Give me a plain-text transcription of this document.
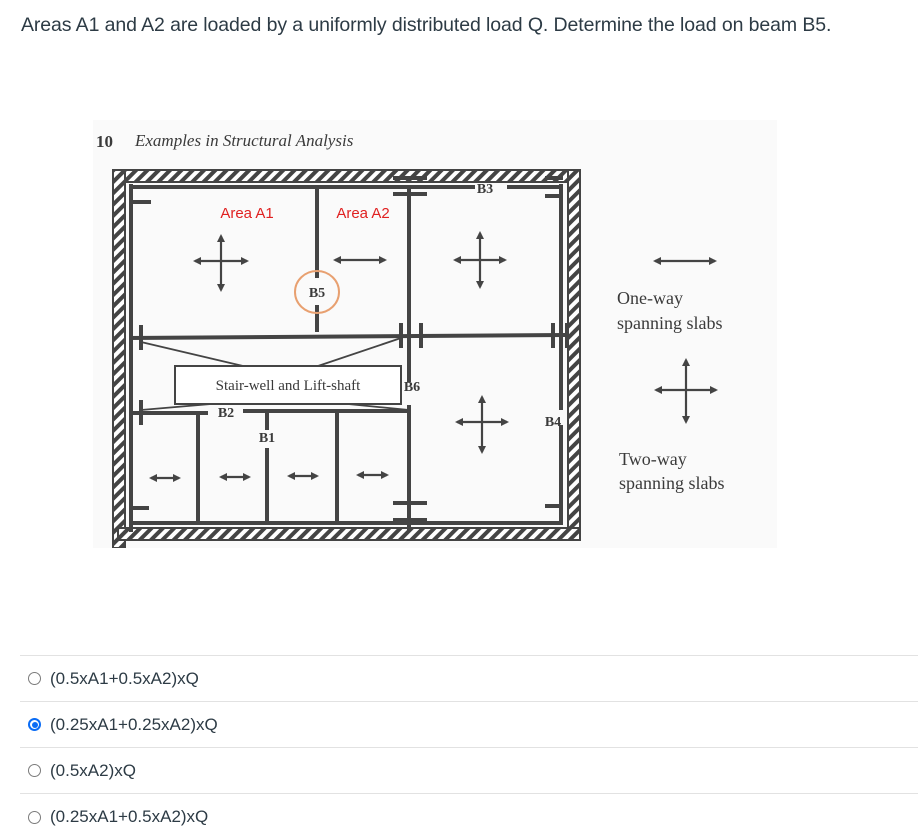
Areas A1 and A2 are loaded by a uniformly distributed load Q. Determine the load on beam B5.
10 Examples in Structural Analysis
Stair-well and Lift-shaft
Area A1	Area A2
B3
B5
B6
B2
B1
B4
One-way
spanning slabs
Two-way
spanning slabs
(0.5xA1+0.5xA2)xQ
(0.25xA1+0.25xA2)xQ
(0.5xA2)xQ
(0.25xA1+0.5xA2)xQ
